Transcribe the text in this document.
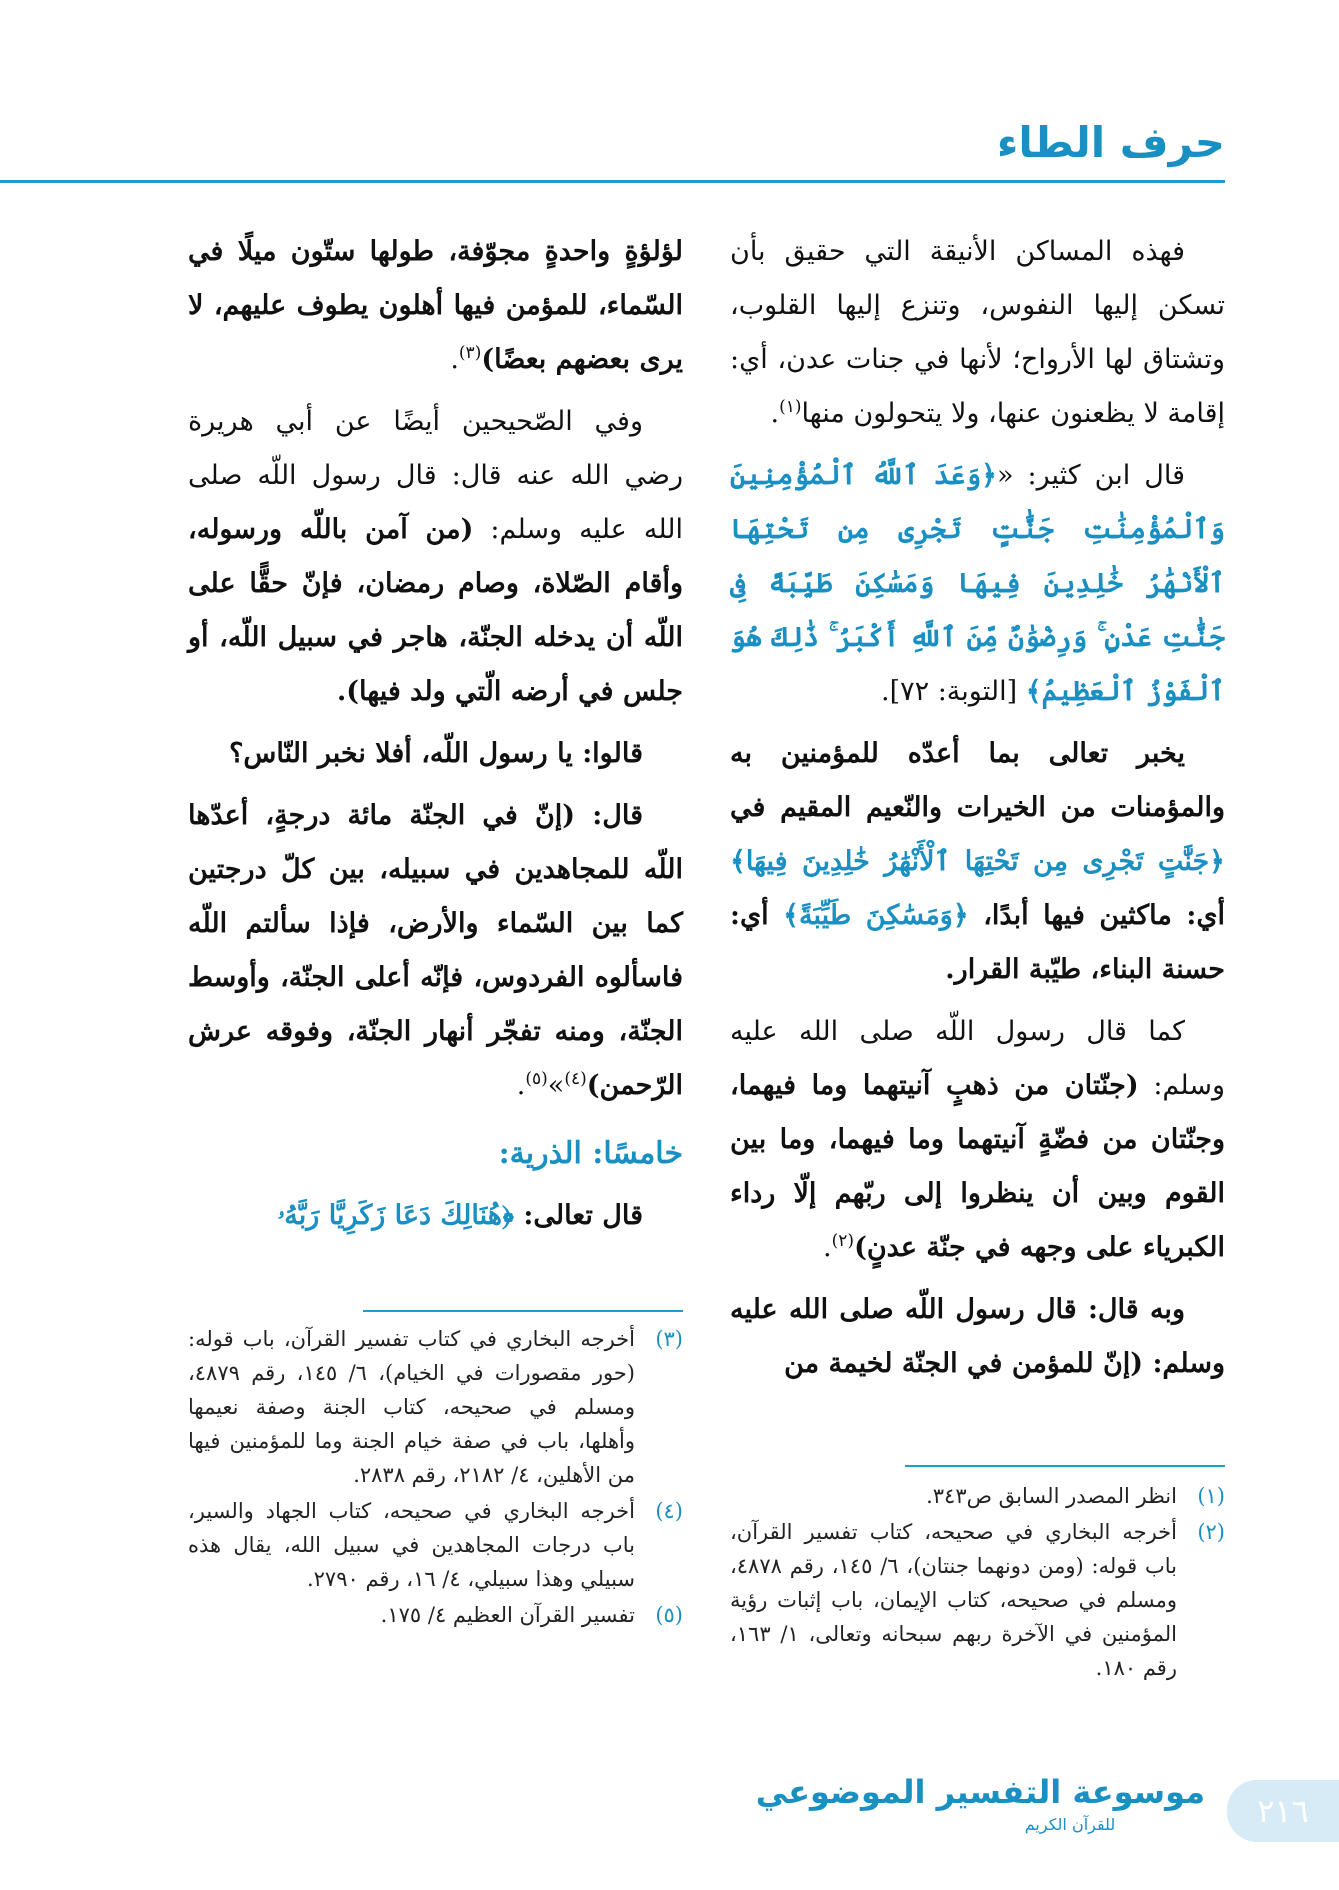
حرف الطاء

فهذه المساكن الأنيقة التي حقيق بأن تسكن إليها النفوس، وتنزع إليها القلوب، وتشتاق لها الأرواح؛ لأنها في جنات عدن، أي: إقامة لا يظعنون عنها، ولا يتحولون منها$^{(١)}$.

قال ابن كثير: «﴿وَعَدَ ٱللَّهُ ٱلْمُؤْمِنِينَ وَٱلْمُؤْمِنَٰتِ جَنَّٰتٍ تَجْرِى مِن تَحْتِهَا ٱلْأَنْهَٰرُ خَٰلِدِينَ فِيهَا وَمَسَٰكِنَ طَيِّبَةً فِى جَنَّٰتِ عَدْنٍ ۚ وَرِضْوَٰنٌ مِّنَ ٱللَّهِ أَكْبَرُ ۚ ذَٰلِكَ هُوَ ٱلْفَوْزُ ٱلْعَظِيمُ﴾ [التوبة: ٧٢].

يخبر تعالى بما أعدّه للمؤمنين به والمؤمنات من الخيرات والنّعيم المقيم في ﴿جَنَّٰتٍ تَجْرِى مِن تَحْتِهَا ٱلْأَنْهَٰرُ خَٰلِدِينَ فِيهَا﴾ أي: ماكثين فيها أبدًا، ﴿وَمَسَٰكِنَ طَيِّبَةً﴾ أي: حسنة البناء، طيّبة القرار.

كما قال رسول اللّه صلى الله عليه وسلم: (جنّتان من ذهبٍ آنيتهما وما فيهما، وجنّتان من فضّةٍ آنيتهما وما فيهما، وما بين القوم وبين أن ينظروا إلى ربّهم إلّا رداء الكبرياء على وجهه في جنّة عدنٍ)$^{(٢)}$.

وبه قال: قال رسول اللّه صلى الله عليه وسلم: (إنّ للمؤمن في الجنّة لخيمة من

لؤلؤةٍ واحدةٍ مجوّفة، طولها ستّون ميلًا في السّماء، للمؤمن فيها أهلون يطوف عليهم، لا يرى بعضهم بعضًا)$^{(٣)}$.

وفي الصّحيحين أيضًا عن أبي هريرة رضي الله عنه قال: قال رسول اللّه صلى الله عليه وسلم: (من آمن باللّه ورسوله، وأقام الصّلاة، وصام رمضان، فإنّ حقًّا على اللّه أن يدخله الجنّة، هاجر في سبيل اللّه، أو جلس في أرضه الّتي ولد فيها).

قالوا: يا رسول اللّه، أفلا نخبر النّاس؟

قال: (إنّ في الجنّة مائة درجةٍ، أعدّها اللّه للمجاهدين في سبيله، بين كلّ درجتين كما بين السّماء والأرض، فإذا سألتم اللّه فاسألوه الفردوس، فإنّه أعلى الجنّة، وأوسط الجنّة، ومنه تفجّر أنهار الجنّة، وفوقه عرش الرّحمن)$^{(٤)}$»$^{(٥)}$.

خامسًا: الذرية:

قال تعالى: ﴿هُنَالِكَ دَعَا زَكَرِيَّا رَبَّهُۥ

(٣)
أخرجه البخاري في كتاب تفسير القرآن، باب قوله: (حور مقصورات في الخيام)، ٦/ ١٤٥، رقم ٤٨٧٩، ومسلم في صحيحه، كتاب الجنة وصفة نعيمها وأهلها، باب في صفة خيام الجنة وما للمؤمنين فيها من الأهلين، ٤/ ٢١٨٢، رقم ٢٨٣٨.
(٤)
أخرجه البخاري في صحيحه، كتاب الجهاد والسير، باب درجات المجاهدين في سبيل الله، يقال هذه سبيلي وهذا سبيلي، ٤/ ١٦، رقم ٢٧٩٠.
(٥)
تفسير القرآن العظيم ٤/ ١٧٥.
(١)
انظر المصدر السابق ص٣٤٣.
(٢)
أخرجه البخاري في صحيحه، كتاب تفسير القرآن، باب قوله: (ومن دونهما جنتان)، ٦/ ١٤٥، رقم ٤٨٧٨، ومسلم في صحيحه، كتاب الإيمان، باب إثبات رؤية المؤمنين في الآخرة ربهم سبحانه وتعالى، ١/ ١٦٣، رقم ١٨٠.
٢١٦
موسوعة التفسير الموضوعي
للقرآن الكريم
